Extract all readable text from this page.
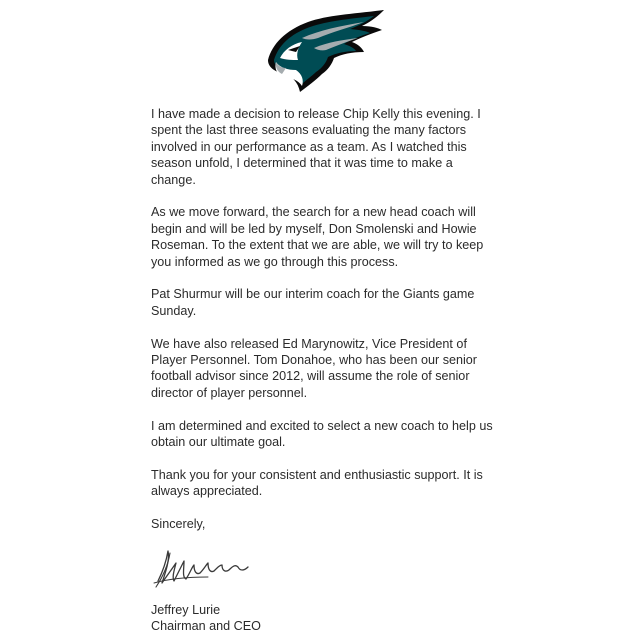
I have made a decision to release Chip Kelly this evening. I spent the last three seasons evaluating the many factors involved in our performance as a team. As I watched this season unfold, I determined that it was time to make a change.

As we move forward, the search for a new head coach will begin and will be led by myself, Don Smolenski and Howie Roseman. To the extent that we are able, we will try to keep you informed as we go through this process.

Pat Shurmur will be our interim coach for the Giants game Sunday.

We have also released Ed Marynowitz, Vice President of Player Personnel. Tom Donahoe, who has been our senior football advisor since 2012, will assume the role of senior director of player personnel.

I am determined and excited to select a new coach to help us obtain our ultimate goal.

Thank you for your consistent and enthusiastic support. It is always appreciated.

Sincerely,

Jeffrey Lurie
Chairman and CEO
